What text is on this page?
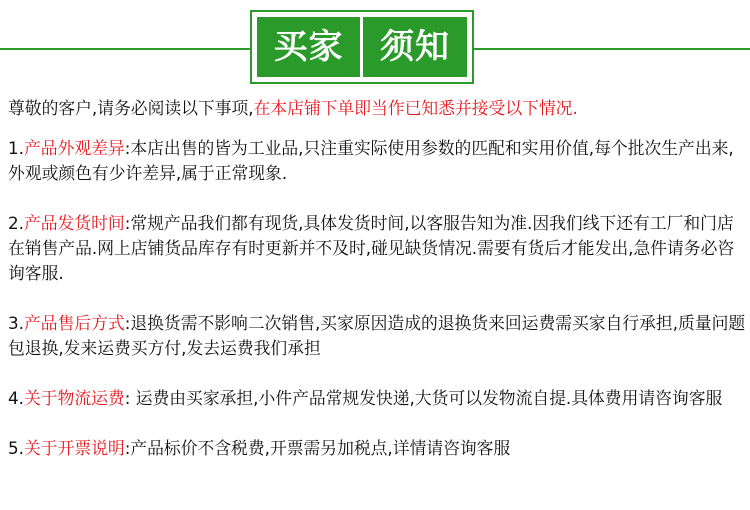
买家	须知

尊敬的客户,请务必阅读以下事项,在本店铺下单即当作已知悉并接受以下情况.

1.产品外观差异:本店出售的皆为工业品,只注重实际使用参数的匹配和实用价值,每个批次生产出来,外观或颜色有少许差异,属于正常现象.

2.产品发货时间:常规产品我们都有现货,具体发货时间,以客服告知为准.因我们线下还有工厂和门店在销售产品.网上店铺货品库存有时更新并不及时,碰见缺货情况.需要有货后才能发出,急件请务必咨询客服.

3.产品售后方式:退换货需不影响二次销售,买家原因造成的退换货来回运费需买家自行承担,质量问题包退换,发来运费买方付,发去运费我们承担

4.关于物流运费: 运费由买家承担,小件产品常规发快递,大货可以发物流自提.具体费用请咨询客服

5.关于开票说明:产品标价不含税费,开票需另加税点,详情请咨询客服
